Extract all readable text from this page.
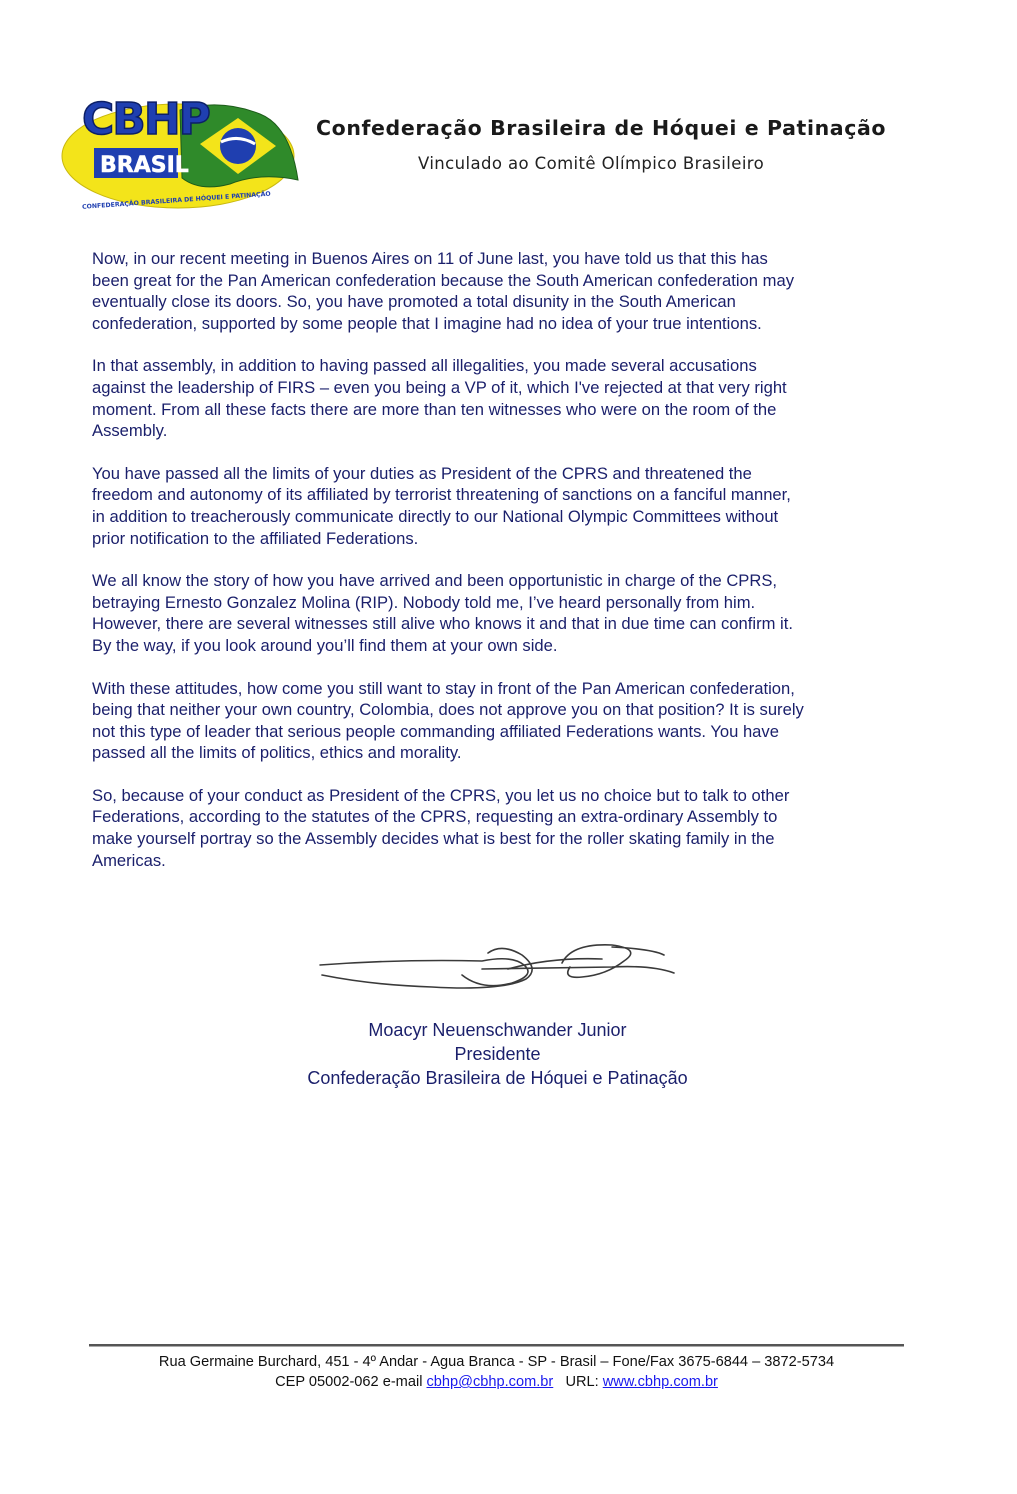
CBHP
BRASIL
CONFEDERAÇÃO BRASILEIRA DE HÓQUEI E PATINAÇÃO
Confederação Brasileira de Hóquei e Patinação
Vinculado ao Comitê Olímpico Brasileiro

Now, in our recent meeting in Buenos Aires on 11 of June last, you have told us that this has
been great for the Pan American confederation because the South American confederation may
eventually close its doors. So, you have promoted a total disunity in the South American
confederation, supported by some people that I imagine had no idea of your true intentions.

In that assembly, in addition to having passed all illegalities, you made several accusations
against the leadership of FIRS – even you being a VP of it, which I've rejected at that very right
moment. From all these facts there are more than ten witnesses who were on the room of the
Assembly.

You have passed all the limits of your duties as President of the CPRS and threatened the
freedom and autonomy of its affiliated by terrorist threatening of sanctions on a fanciful manner,
in addition to treacherously communicate directly to our National Olympic Committees without
prior notification to the affiliated Federations.

We all know the story of how you have arrived and been opportunistic in charge of the CPRS,
betraying Ernesto Gonzalez Molina (RIP). Nobody told me, I’ve heard personally from him.
However, there are several witnesses still alive who knows it and that in due time can confirm it.
By the way, if you look around you’ll find them at your own side.

With these attitudes, how come you still want to stay in front of the Pan American confederation,
being that neither your own country, Colombia, does not approve you on that position? It is surely
not this type of leader that serious people commanding affiliated Federations wants. You have
passed all the limits of politics, ethics and morality.

So, because of your conduct as President of the CPRS, you let us no choice but to talk to other
Federations, according to the statutes of the CPRS, requesting an extra-ordinary Assembly to
make yourself portray so the Assembly decides what is best for the roller skating family in the
Americas.

Moacyr Neuenschwander Junior
Presidente
Confederação Brasileira de Hóquei e Patinação
Rua Germaine Burchard, 451 - 4º Andar - Agua Branca - SP - Brasil – Fone/Fax 3675-6844 – 3872-5734
CEP 05002-062 e-mail cbhp@cbhp.com.br URL: www.cbhp.com.br
